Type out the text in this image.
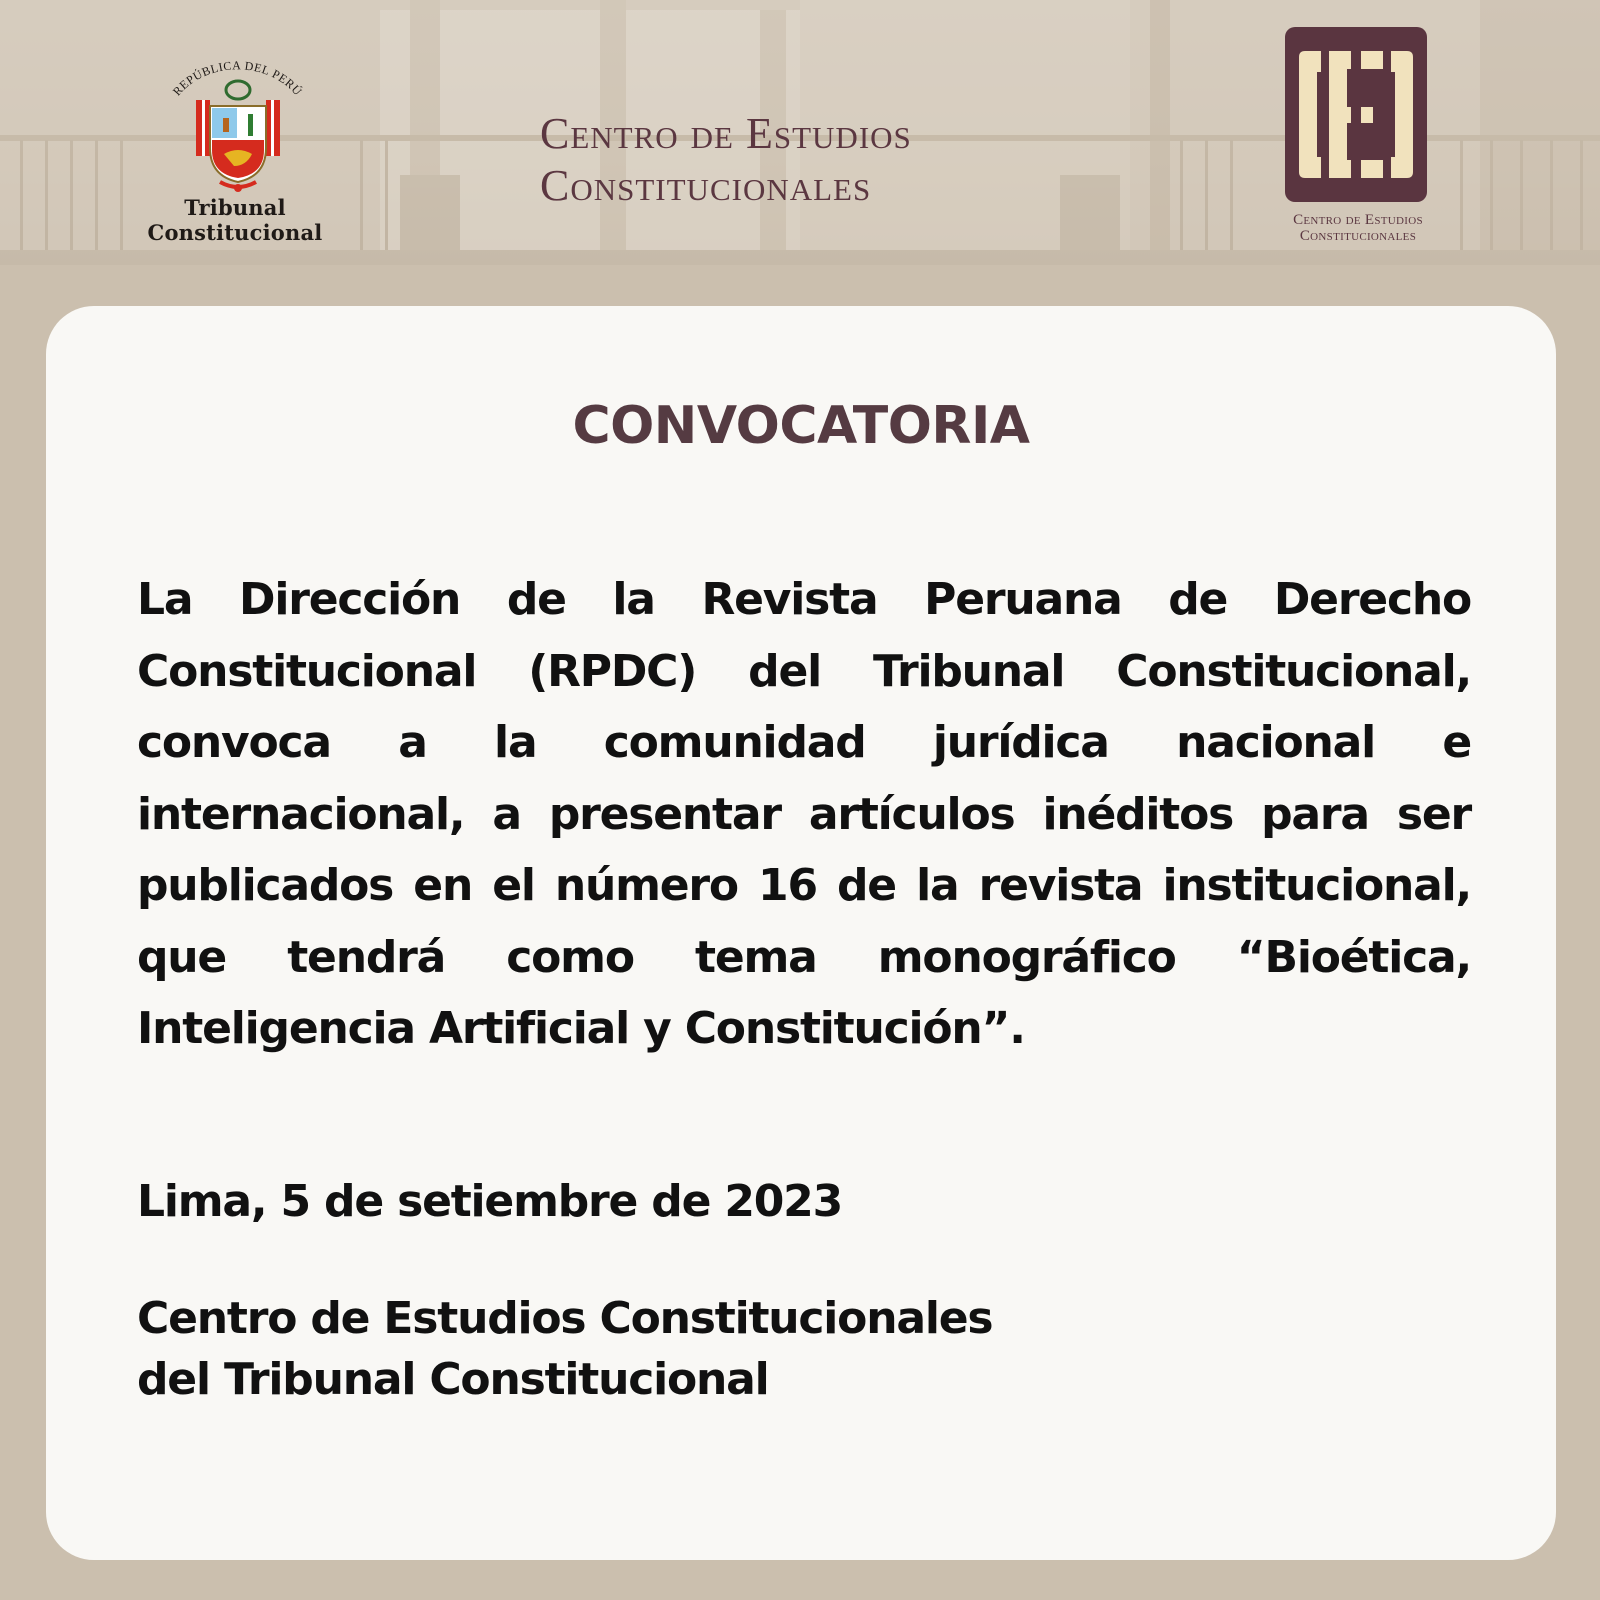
REPÚBLICA DEL PERÚ
Tribunal Constitucional
Centro de Estudios
Constitucionales
Centro de Estudios
Constitucionales
CONVOCATORIA
La Dirección de la Revista Peruana de Derecho Constitucional (RPDC) del Tribunal Constitucional, convoca a la comunidad jurídica nacional e internacional, a presentar artículos inéditos para ser publicados en el número 16 de la revista institucional, que tendrá como tema monográfico “Bioética, Inteligencia Artificial y Constitución”.
Lima, 5 de setiembre de 2023
Centro de Estudios Constitucionales
del Tribunal Constitucional
